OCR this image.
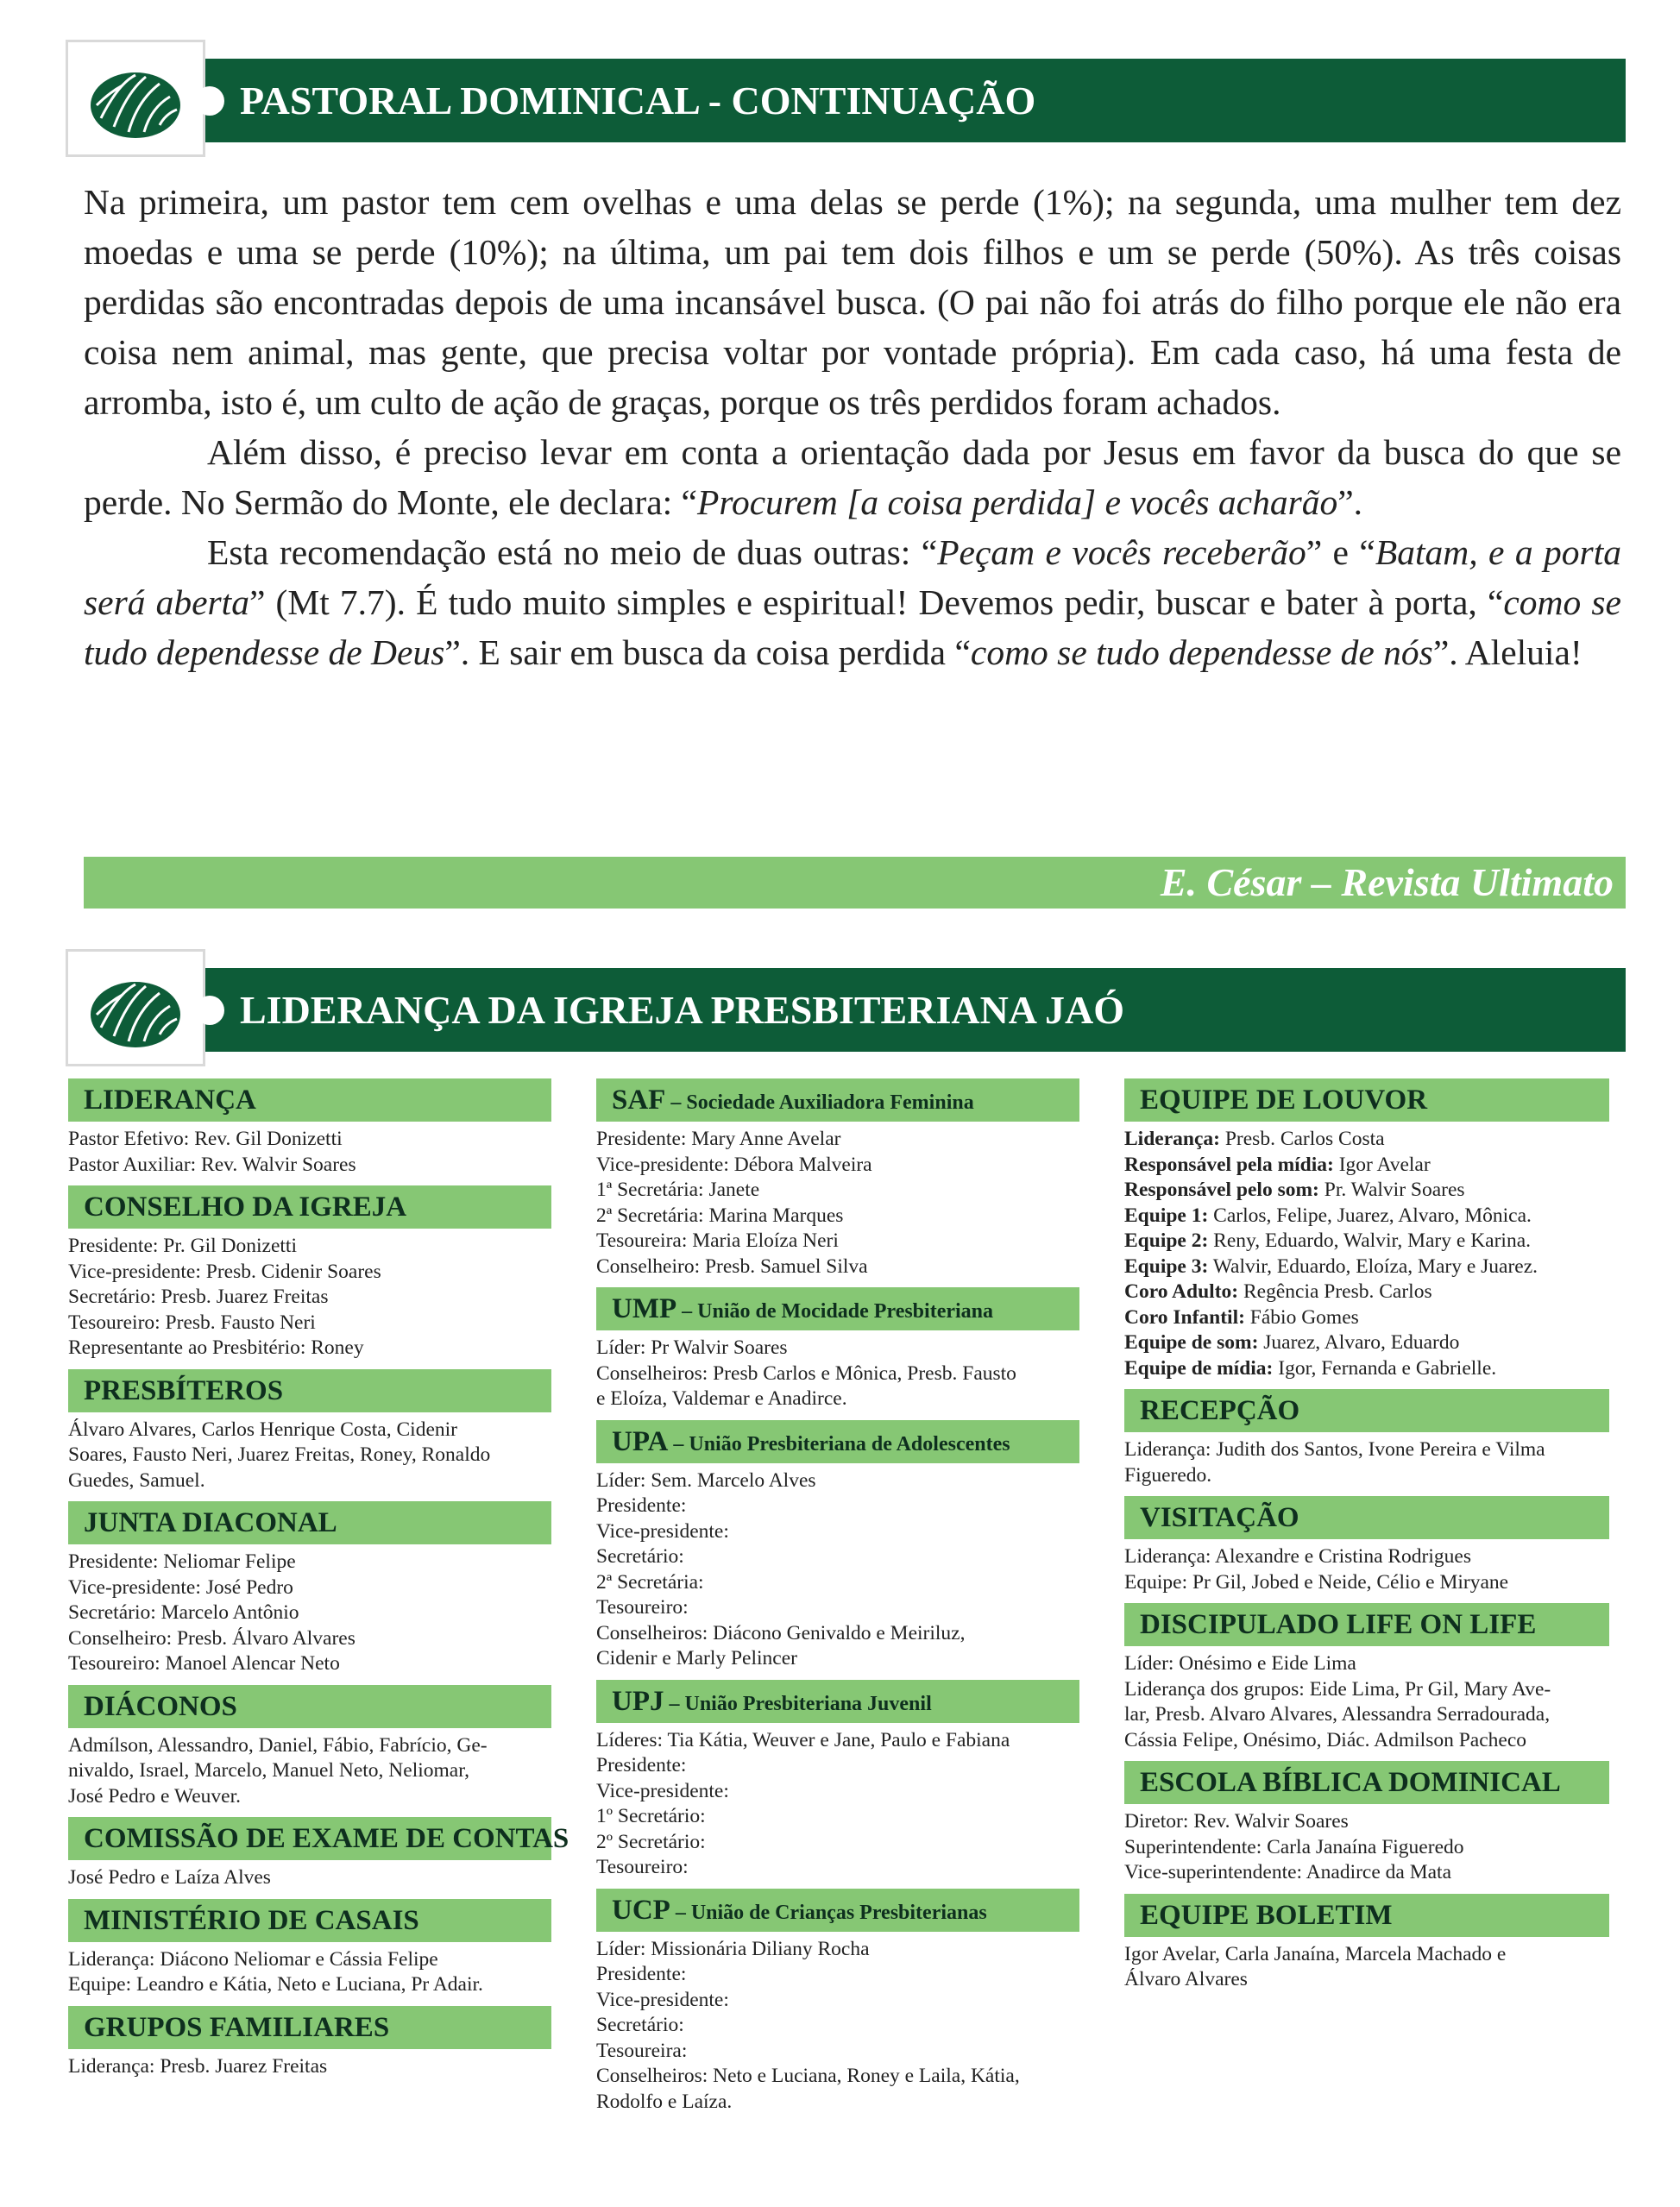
PASTORAL DOMINICAL - CONTINUAÇÃO

Na primeira, um pastor tem cem ovelhas e uma delas se perde (1%); na segunda, uma mulher tem dez moedas e uma se perde (10%); na última, um pai tem dois filhos e um se perde (50%). As três coisas perdidas são encontradas depois de uma incansável busca. (O pai não foi atrás do filho porque ele não era coisa nem animal, mas gente, que precisa voltar por vontade própria). Em cada caso, há uma festa de arromba, isto é, um culto de ação de graças, porque os três perdidos foram achados.

Além disso, é preciso levar em conta a orientação dada por Jesus em favor da busca do que se perde. No Sermão do Monte, ele declara: “Procurem [a coisa perdida] e vocês acharão”.

Esta recomendação está no meio de duas outras: “Peçam e vocês receberão” e “Batam, e a porta será aberta” (Mt 7.7). É tudo muito simples e espiritual! Devemos pedir, buscar e bater à porta, “como se tudo dependesse de Deus”. E sair em busca da coisa perdida “como se tudo dependesse de nós”. Aleluia!

E. César – Revista Ultimato
LIDERANÇA DA IGREJA PRESBITERIANA JAÓ
LIDERANÇA
Pastor Efetivo: Rev. Gil Donizetti
Pastor Auxiliar: Rev. Walvir Soares
CONSELHO DA IGREJA
Presidente: Pr. Gil Donizetti
Vice-presidente: Presb. Cidenir Soares
Secretário: Presb. Juarez Freitas
Tesoureiro: Presb. Fausto Neri
Representante ao Presbitério: Roney
PRESBÍTEROS
Álvaro Alvares, Carlos Henrique Costa, Cidenir
Soares, Fausto Neri, Juarez Freitas, Roney, Ronaldo
Guedes, Samuel.
JUNTA DIACONAL
Presidente: Neliomar Felipe
Vice-presidente: José Pedro
Secretário: Marcelo Antônio
Conselheiro: Presb. Álvaro Alvares
Tesoureiro: Manoel Alencar Neto
DIÁCONOS
Admílson, Alessandro, Daniel, Fábio, Fabrício, Ge-
nivaldo, Israel, Marcelo, Manuel Neto, Neliomar,
José Pedro e Weuver.
COMISSÃO DE EXAME DE CONTAS
José Pedro e Laíza Alves
MINISTÉRIO DE CASAIS
Liderança: Diácono Neliomar e Cássia Felipe
Equipe: Leandro e Kátia, Neto e Luciana, Pr Adair.
GRUPOS FAMILIARES
Liderança: Presb. Juarez Freitas
SAF – Sociedade Auxiliadora Feminina
Presidente: Mary Anne Avelar
Vice-presidente: Débora Malveira
1ª Secretária: Janete
2ª Secretária: Marina Marques
Tesoureira: Maria Eloíza Neri
Conselheiro: Presb. Samuel Silva
UMP – União de Mocidade Presbiteriana
Líder: Pr Walvir Soares
Conselheiros: Presb Carlos e Mônica, Presb. Fausto
e Eloíza, Valdemar e Anadirce.
UPA – União Presbiteriana de Adolescentes
Líder: Sem. Marcelo Alves
Presidente:
Vice-presidente:
Secretário:
2ª Secretária:
Tesoureiro:
Conselheiros: Diácono Genivaldo e Meiriluz,
Cidenir e Marly Pelincer
UPJ – União Presbiteriana Juvenil
Líderes: Tia Kátia, Weuver e Jane, Paulo e Fabiana
Presidente:
Vice-presidente:
1º Secretário:
2º Secretário:
Tesoureiro:
UCP – União de Crianças Presbiterianas
Líder: Missionária Diliany Rocha
Presidente:
Vice-presidente:
Secretário:
Tesoureira:
Conselheiros: Neto e Luciana, Roney e Laila, Kátia,
Rodolfo e Laíza.
EQUIPE DE LOUVOR
Liderança: Presb. Carlos Costa
Responsável pela mídia: Igor Avelar
Responsável pelo som: Pr. Walvir Soares
Equipe 1: Carlos, Felipe, Juarez, Alvaro, Mônica.
Equipe 2: Reny, Eduardo, Walvir, Mary e Karina.
Equipe 3: Walvir, Eduardo, Eloíza, Mary e Juarez.
Coro Adulto: Regência Presb. Carlos
Coro Infantil: Fábio Gomes
Equipe de som: Juarez, Alvaro, Eduardo
Equipe de mídia: Igor, Fernanda e Gabrielle.
RECEPÇÃO
Liderança: Judith dos Santos, Ivone Pereira e Vilma
Figueredo.
VISITAÇÃO
Liderança: Alexandre e Cristina Rodrigues
Equipe: Pr Gil, Jobed e Neide, Célio e Miryane
DISCIPULADO LIFE ON LIFE
Líder: Onésimo e Eide Lima
Liderança dos grupos: Eide Lima, Pr Gil, Mary Ave-
lar, Presb. Alvaro Alvares, Alessandra Serradourada,
Cássia Felipe, Onésimo, Diác. Admilson Pacheco
ESCOLA BÍBLICA DOMINICAL
Diretor: Rev. Walvir Soares
Superintendente: Carla Janaína Figueredo
Vice-superintendente: Anadirce da Mata
EQUIPE BOLETIM
Igor Avelar, Carla Janaína, Marcela Machado e
Álvaro Alvares
